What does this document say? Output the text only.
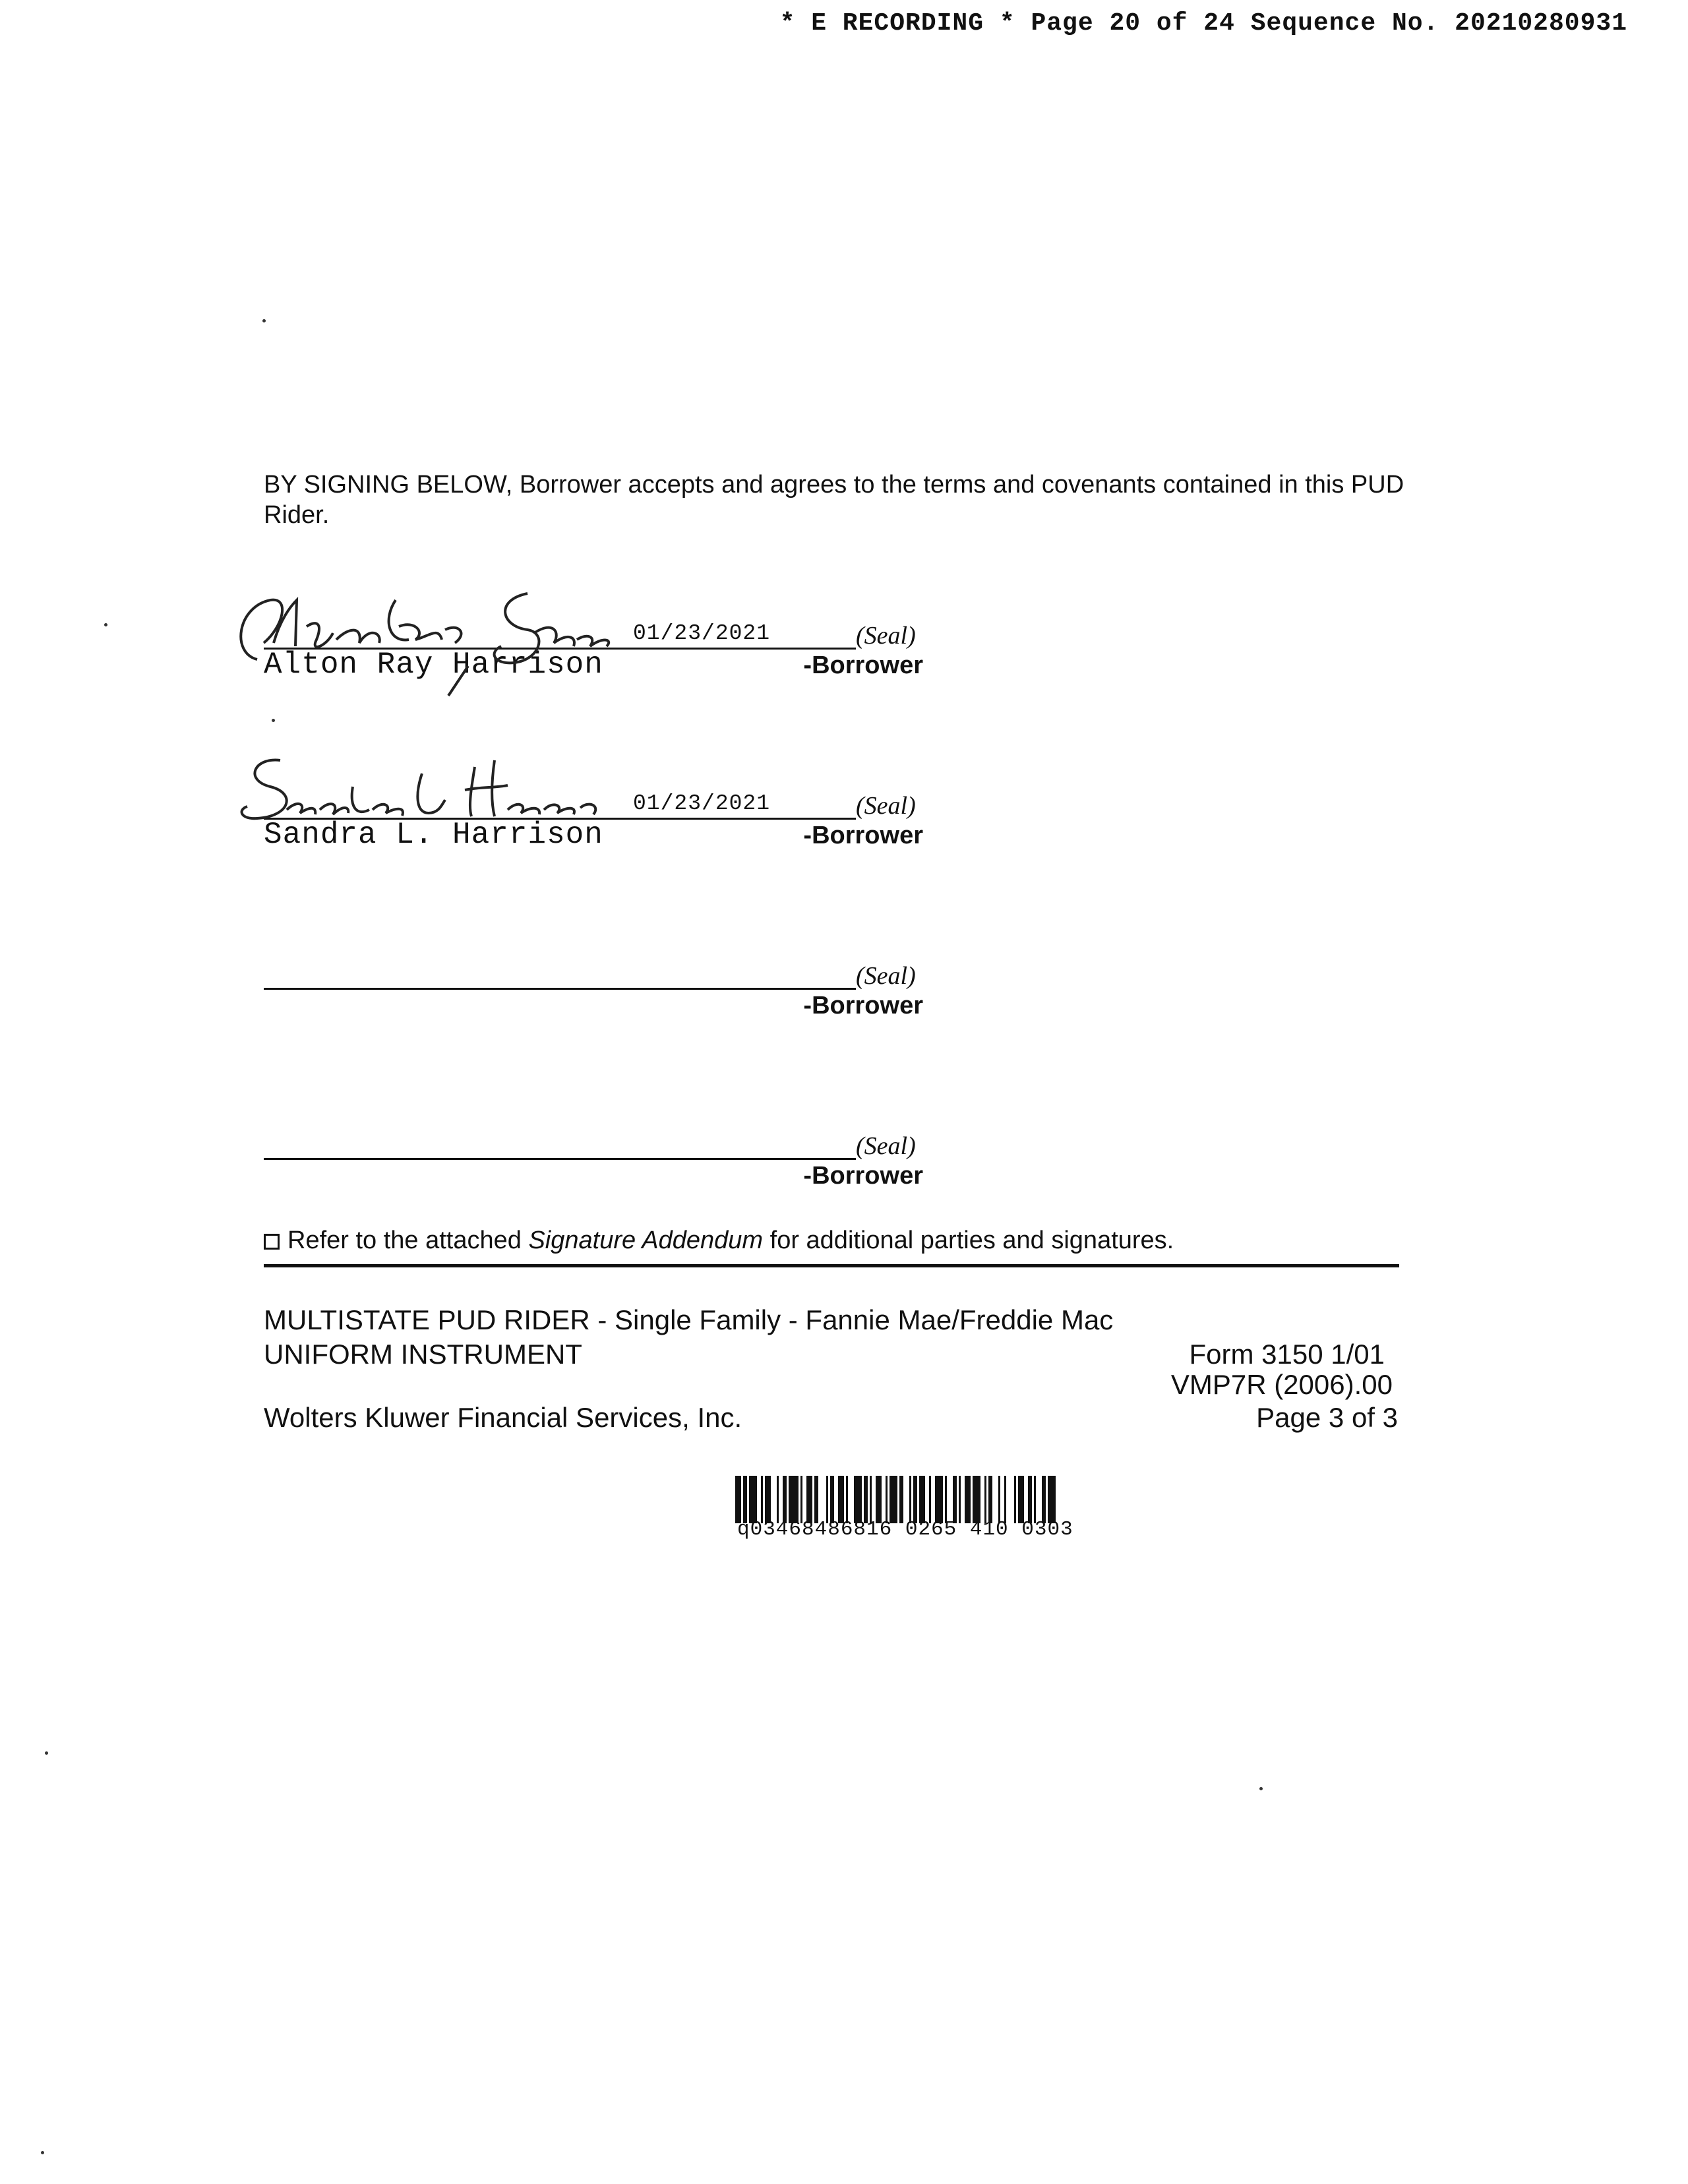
* E RECORDING * Page 20 of 24 Sequence No. 20210280931
BY SIGNING BELOW, Borrower accepts and agrees to the terms and covenants contained in this PUD Rider.
01/23/2021	(Seal)
-Borrower
Alton Ray Harrison
01/23/2021	(Seal)
-Borrower
Sandra L. Harrison
(Seal)
-Borrower
(Seal)
-Borrower
Refer to the attached Signature Addendum for additional parties and signatures.
MULTISTATE PUD RIDER - Single Family - Fannie Mae/Freddie Mac
UNIFORM INSTRUMENT	Form 3150 1/01
VMP7R (2006).00
Wolters Kluwer Financial Services, Inc.	Page 3 of 3
q03468486816 0265 410 0303
